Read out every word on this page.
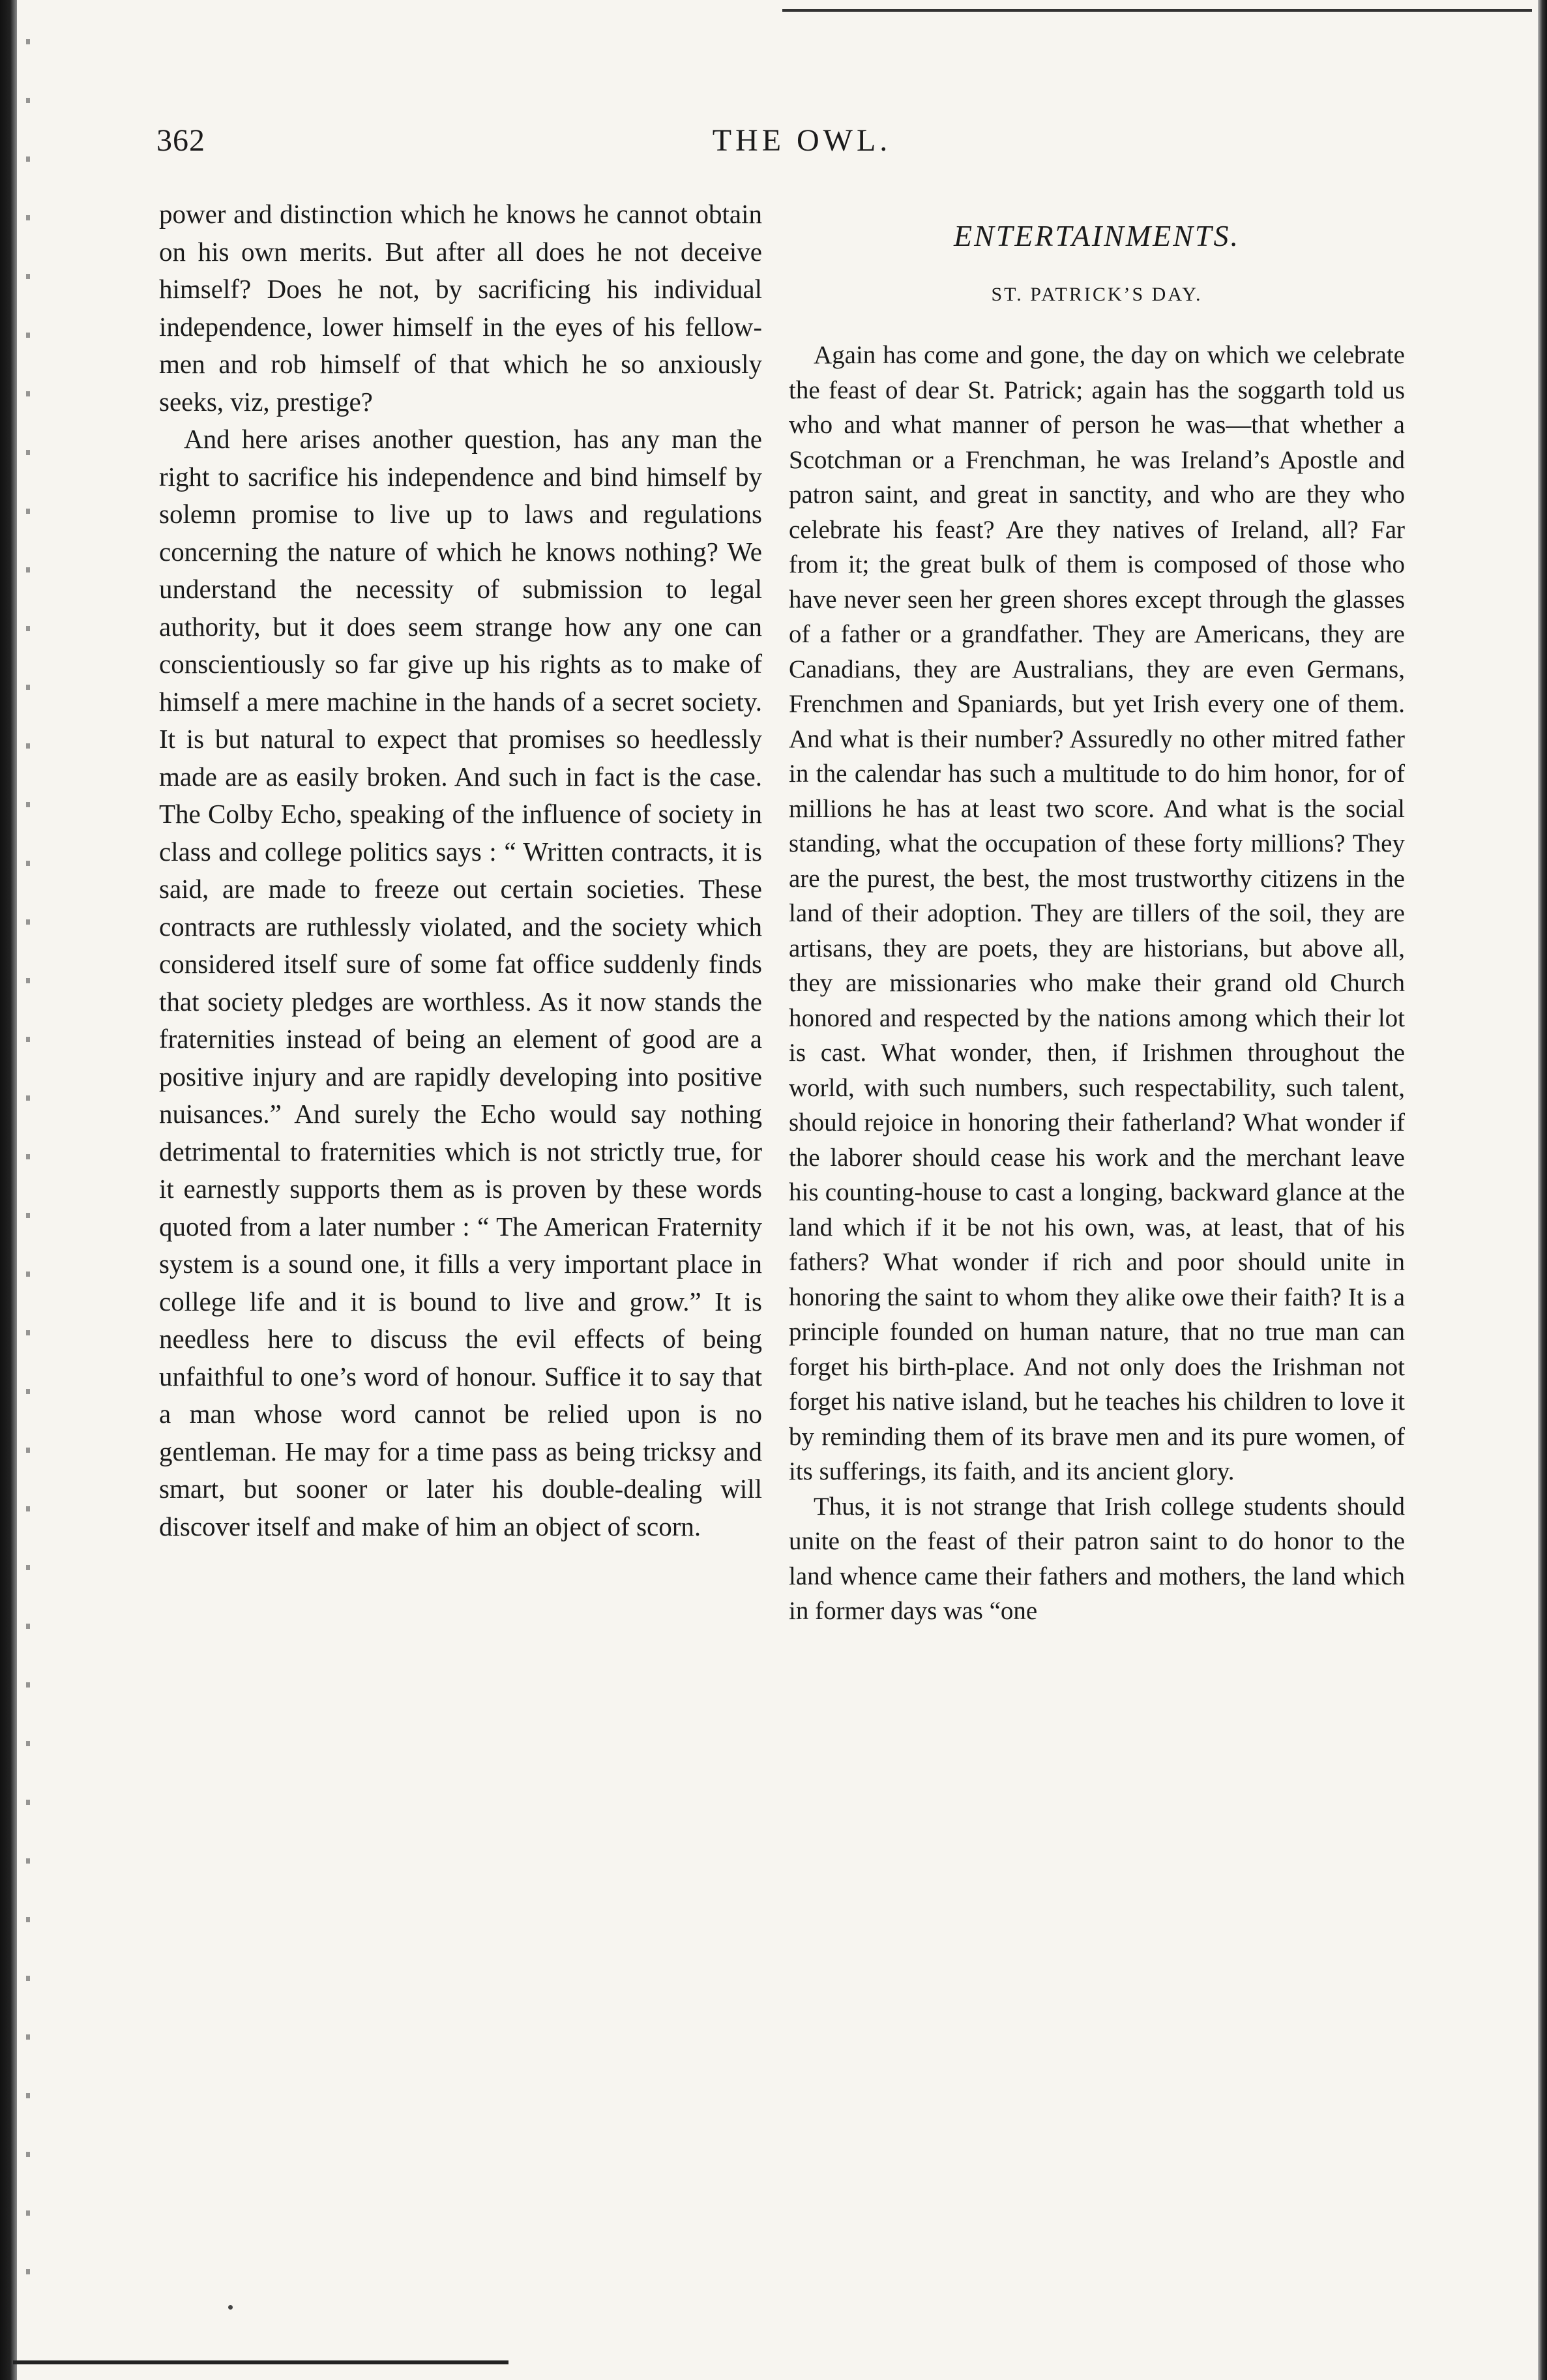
362	THE OWL.

power and distinction which he knows he cannot obtain on his own merits. But after all does he not deceive himself? Does he not, by sacrificing his individual independence, lower himself in the eyes of his fellow-men and rob himself of that which he so anxiously seeks, viz, prestige?

And here arises another question, has any man the right to sacrifice his independence and bind himself by solemn promise to live up to laws and regulations concerning the nature of which he knows nothing? We understand the necessity of submission to legal authority, but it does seem strange how any one can conscientiously so far give up his rights as to make of himself a mere machine in the hands of a secret society. It is but natural to expect that promises so heedlessly made are as easily broken. And such in fact is the case. The Colby Echo, speaking of the influence of society in class and college politics says : “ Written contracts, it is said, are made to freeze out certain societies. These contracts are ruthlessly violated, and the society which considered itself sure of some fat office suddenly finds that society pledges are worthless. As it now stands the fraternities instead of being an element of good are a positive injury and are rapidly developing into positive nuisances.” And surely the Echo would say nothing detrimental to fraternities which is not strictly true, for it earnestly supports them as is proven by these words quoted from a later number : “ The American Fraternity system is a sound one, it fills a very important place in college life and it is bound to live and grow.” It is needless here to discuss the evil effects of being unfaithful to one’s word of honour. Suffice it to say that a man whose word cannot be relied upon is no gentleman. He may for a time pass as being tricksy and smart, but sooner or later his double-dealing will discover itself and make of him an object of scorn.

ENTERTAINMENTS.
ST. PATRICK’S DAY.

Again has come and gone, the day on which we celebrate the feast of dear St. Patrick; again has the soggarth told us who and what manner of person he was—that whether a Scotchman or a Frenchman, he was Ireland’s Apostle and patron saint, and great in sanctity, and who are they who celebrate his feast? Are they natives of Ireland, all? Far from it; the great bulk of them is composed of those who have never seen her green shores except through the glasses of a father or a grandfather. They are Americans, they are Canadians, they are Australians, they are even Germans, Frenchmen and Spaniards, but yet Irish every one of them. And what is their number? Assuredly no other mitred father in the calendar has such a multitude to do him honor, for of millions he has at least two score. And what is the social standing, what the occupation of these forty millions? They are the purest, the best, the most trustworthy citizens in the land of their adoption. They are tillers of the soil, they are artisans, they are poets, they are historians, but above all, they are missionaries who make their grand old Church honored and respected by the nations among which their lot is cast. What wonder, then, if Irishmen throughout the world, with such numbers, such respectability, such talent, should rejoice in honoring their fatherland? What wonder if the laborer should cease his work and the merchant leave his counting-house to cast a longing, backward glance at the land which if it be not his own, was, at least, that of his fathers? What wonder if rich and poor should unite in honoring the saint to whom they alike owe their faith? It is a principle founded on human nature, that no true man can forget his birth-place. And not only does the Irishman not forget his native island, but he teaches his children to love it by reminding them of its brave men and its pure women, of its sufferings, its faith, and its ancient glory.

Thus, it is not strange that Irish college students should unite on the feast of their patron saint to do honor to the land whence came their fathers and mothers, the land which in former days was “one
